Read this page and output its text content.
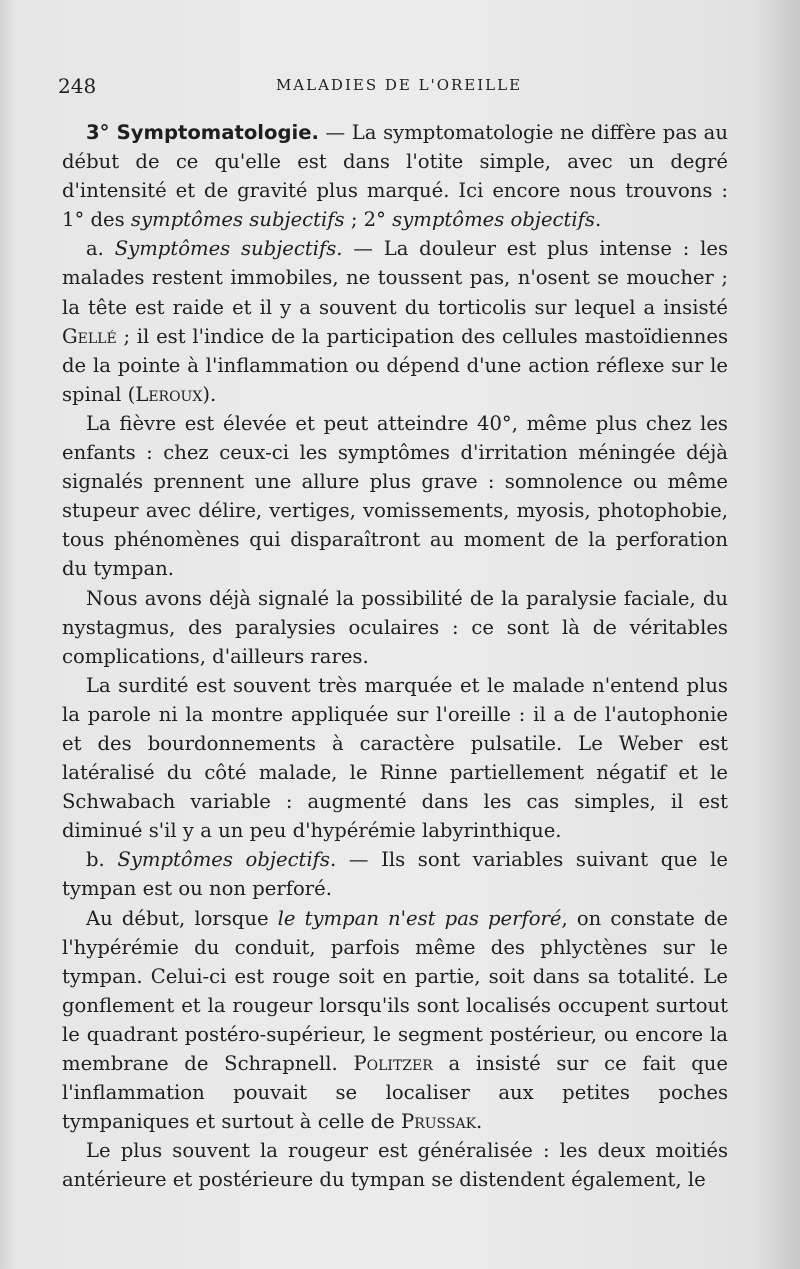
248	MALADIES DE L'OREILLE

3° Symptomatologie. — La symptomatologie ne diffère pas au début de ce qu'elle est dans l'otite simple, avec un degré d'intensité et de gravité plus marqué. Ici encore nous trouvons : 1° des symptômes subjectifs ; 2° symptômes objectifs.

a. Symptômes subjectifs. — La douleur est plus intense : les malades restent immobiles, ne toussent pas, n'osent se moucher ; la tête est raide et il y a souvent du torticolis sur lequel a insisté Gellé ; il est l'indice de la participation des cellules mastoïdiennes de la pointe à l'inflammation ou dépend d'une action réflexe sur le spinal (Leroux).

La fièvre est élevée et peut atteindre 40°, même plus chez les enfants : chez ceux-ci les symptômes d'irritation méningée déjà signalés prennent une allure plus grave : somnolence ou même stupeur avec délire, vertiges, vomissements, myosis, photophobie, tous phénomènes qui disparaîtront au moment de la perforation du tympan.

Nous avons déjà signalé la possibilité de la paralysie faciale, du nystagmus, des paralysies oculaires : ce sont là de véritables complications, d'ailleurs rares.

La surdité est souvent très marquée et le malade n'entend plus la parole ni la montre appliquée sur l'oreille : il a de l'autophonie et des bourdonnements à caractère pulsatile. Le Weber est latéralisé du côté malade, le Rinne partiellement négatif et le Schwabach variable : augmenté dans les cas simples, il est diminué s'il y a un peu d'hypérémie labyrinthique.

b. Symptômes objectifs. — Ils sont variables suivant que le tympan est ou non perforé.

Au début, lorsque le tympan n'est pas perforé, on constate de l'hypérémie du conduit, parfois même des phlyctènes sur le tympan. Celui-ci est rouge soit en partie, soit dans sa totalité. Le gonflement et la rougeur lorsqu'ils sont localisés occupent surtout le quadrant postéro-supérieur, le segment postérieur, ou encore la membrane de Schrapnell. Politzer a insisté sur ce fait que l'inflammation pouvait se localiser aux petites poches tympaniques et surtout à celle de Prussak.

Le plus souvent la rougeur est généralisée : les deux moitiés antérieure et postérieure du tympan se distendent également, le
